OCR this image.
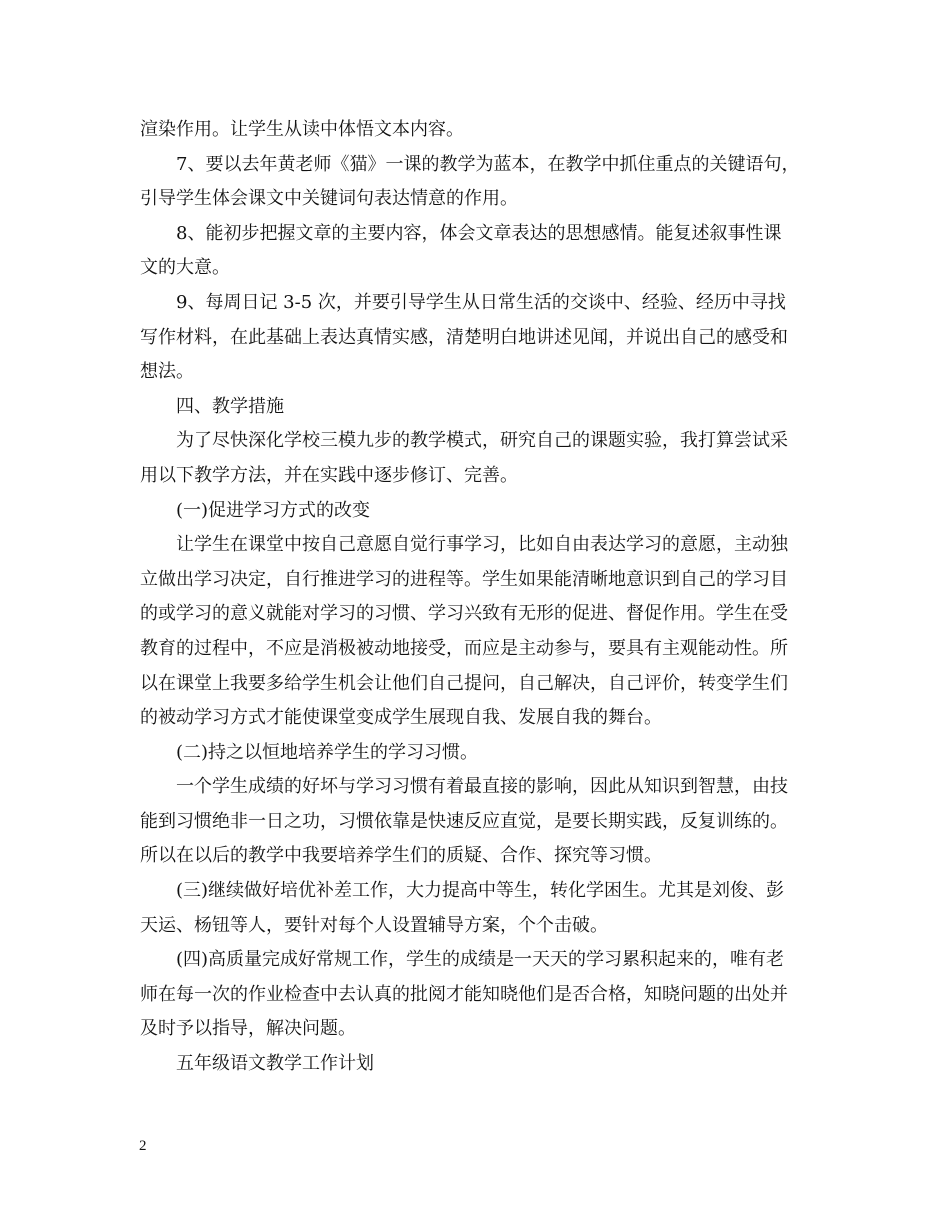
渲染作用。让学生从读中体悟文本内容。
7、要以去年黄老师《猫》一课的教学为蓝本，在教学中抓住重点的关键语句，
引导学生体会课文中关键词句表达情意的作用。
8、能初步把握文章的主要内容，体会文章表达的思想感情。能复述叙事性课
文的大意。
9、每周日记 3-5 次，并要引导学生从日常生活的交谈中、经验、经历中寻找
写作材料，在此基础上表达真情实感，清楚明白地讲述见闻，并说出自己的感受和
想法。
四、教学措施
为了尽快深化学校三模九步的教学模式，研究自己的课题实验，我打算尝试采
用以下教学方法，并在实践中逐步修订、完善。
(一)促进学习方式的改变
让学生在课堂中按自己意愿自觉行事学习，比如自由表达学习的意愿，主动独
立做出学习决定，自行推进学习的进程等。学生如果能清晰地意识到自己的学习目
的或学习的意义就能对学习的习惯、学习兴致有无形的促进、督促作用。学生在受
教育的过程中，不应是消极被动地接受，而应是主动参与，要具有主观能动性。所
以在课堂上我要多给学生机会让他们自己提问，自己解决，自己评价，转变学生们
的被动学习方式才能使课堂变成学生展现自我、发展自我的舞台。
(二)持之以恒地培养学生的学习习惯。
一个学生成绩的好坏与学习习惯有着最直接的影响，因此从知识到智慧，由技
能到习惯绝非一日之功，习惯依靠是快速反应直觉，是要长期实践，反复训练的。
所以在以后的教学中我要培养学生们的质疑、合作、探究等习惯。
(三)继续做好培优补差工作，大力提高中等生，转化学困生。尤其是刘俊、彭
天运、杨钮等人，要针对每个人设置辅导方案，个个击破。
(四)高质量完成好常规工作，学生的成绩是一天天的学习累积起来的，唯有老
师在每一次的作业检查中去认真的批阅才能知晓他们是否合格，知晓问题的出处并
及时予以指导，解决问题。
五年级语文教学工作计划
2
